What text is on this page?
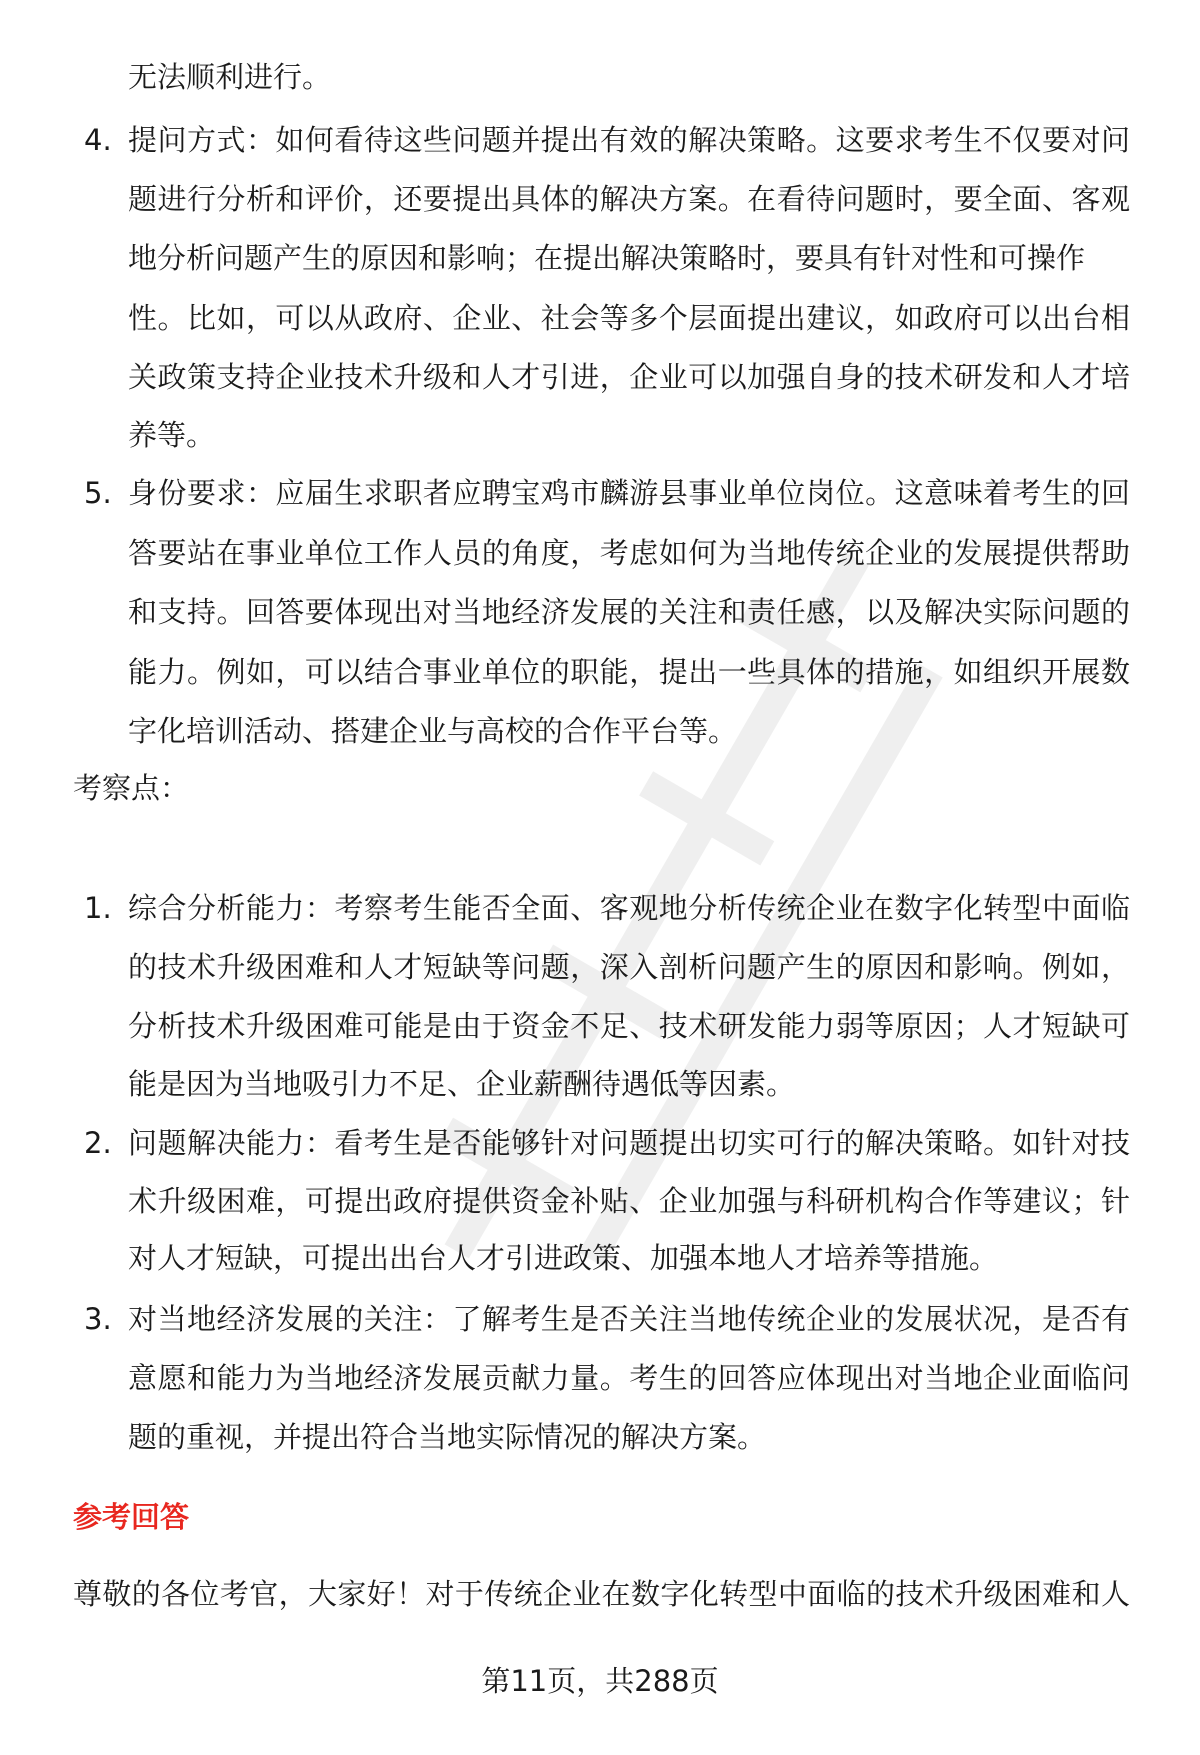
无法顺利进行。
4. 提问方式：如何看待这些问题并提出有效的解决策略。这要求考生不仅要对问
题进行分析和评价，还要提出具体的解决方案。在看待问题时，要全面、客观
地分析问题产生的原因和影响；在提出解决策略时，要具有针对性和可操作
性。比如，可以从政府、企业、社会等多个层面提出建议，如政府可以出台相
关政策支持企业技术升级和人才引进，企业可以加强自身的技术研发和人才培
养等。
5. 身份要求：应届生求职者应聘宝鸡市麟游县事业单位岗位。这意味着考生的回
答要站在事业单位工作人员的角度，考虑如何为当地传统企业的发展提供帮助
和支持。回答要体现出对当地经济发展的关注和责任感，以及解决实际问题的
能力。例如，可以结合事业单位的职能，提出一些具体的措施，如组织开展数
字化培训活动、搭建企业与高校的合作平台等。
考察点：
1. 综合分析能力：考察考生能否全面、客观地分析传统企业在数字化转型中面临
的技术升级困难和人才短缺等问题，深入剖析问题产生的原因和影响。例如，
分析技术升级困难可能是由于资金不足、技术研发能力弱等原因；人才短缺可
能是因为当地吸引力不足、企业薪酬待遇低等因素。
2. 问题解决能力：看考生是否能够针对问题提出切实可行的解决策略。如针对技
术升级困难，可提出政府提供资金补贴、企业加强与科研机构合作等建议；针
对人才短缺，可提出出台人才引进政策、加强本地人才培养等措施。
3. 对当地经济发展的关注：了解考生是否关注当地传统企业的发展状况，是否有
意愿和能力为当地经济发展贡献力量。考生的回答应体现出对当地企业面临问
题的重视，并提出符合当地实际情况的解决方案。
参考回答
尊敬的各位考官，大家好！对于传统企业在数字化转型中面临的技术升级困难和人
第11页，共288页
